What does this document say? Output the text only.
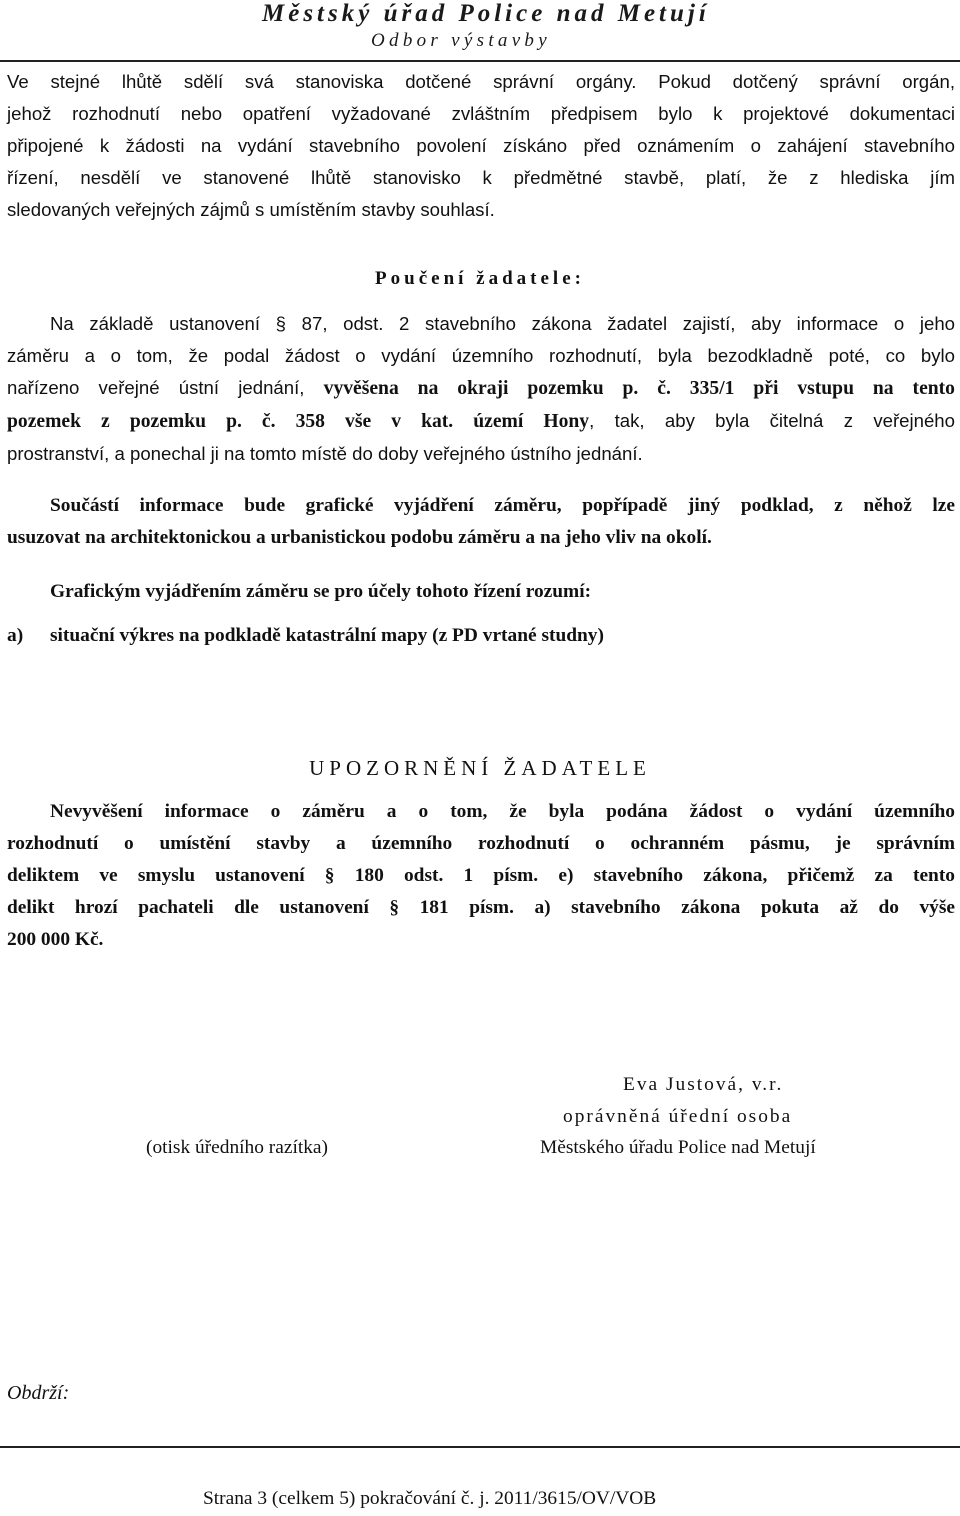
Městský úřad Police nad Metují
Odbor výstavby
Ve stejné lhůtě sdělí svá stanoviska dotčené správní orgány. Pokud dotčený správní orgán,
jehož rozhodnutí nebo opatření vyžadované zvláštním předpisem bylo k projektové dokumentaci
připojené k žádosti na vydání stavebního povolení získáno před oznámením o zahájení stavebního
řízení, nesdělí ve stanovené lhůtě stanovisko k předmětné stavbě, platí, že z hlediska jím
sledovaných veřejných zájmů s umístěním stavby souhlasí.

Poučení žadatele:

Na základě ustanovení § 87, odst. 2 stavebního zákona žadatel zajistí, aby informace o jeho
záměru a o tom, že podal žádost o vydání územního rozhodnutí, byla bezodkladně poté, co bylo
nařízeno veřejné ústní jednání, vyvěšena na okraji pozemku p. č. 335/1 při vstupu na tento
pozemek z pozemku p. č. 358 vše v kat. území Hony, tak, aby byla čitelná z veřejného
prostranství, a ponechal ji na tomto místě do doby veřejného ústního jednání.
Součástí informace bude grafické vyjádření záměru, popřípadě jiný podklad, z něhož lze
usuzovat na architektonickou a urbanistickou podobu záměru a na jeho vliv na okolí.
Grafickým vyjádřením záměru se pro účely tohoto řízení rozumí:
a)	situační výkres na podkladě katastrální mapy (z PD vrtané studny)

UPOZORNĚNÍ ŽADATELE

Nevyvěšení informace o záměru a o tom, že byla podána žádost o vydání územního
rozhodnutí o umístění stavby a územního rozhodnutí o ochranném pásmu, je správním
deliktem ve smyslu ustanovení § 180 odst. 1 písm. e) stavebního zákona, přičemž za tento
delikt hrozí pachateli dle ustanovení § 181 písm. a) stavebního zákona pokuta až do výše
200 000 Kč.
Eva Justová, v.r.
oprávněná úřední osoba
Městského úřadu Police nad Metují
(otisk úředního razítka)
Obdrží:
Strana 3 (celkem 5) pokračování č. j. 2011/3615/OV/VOB
